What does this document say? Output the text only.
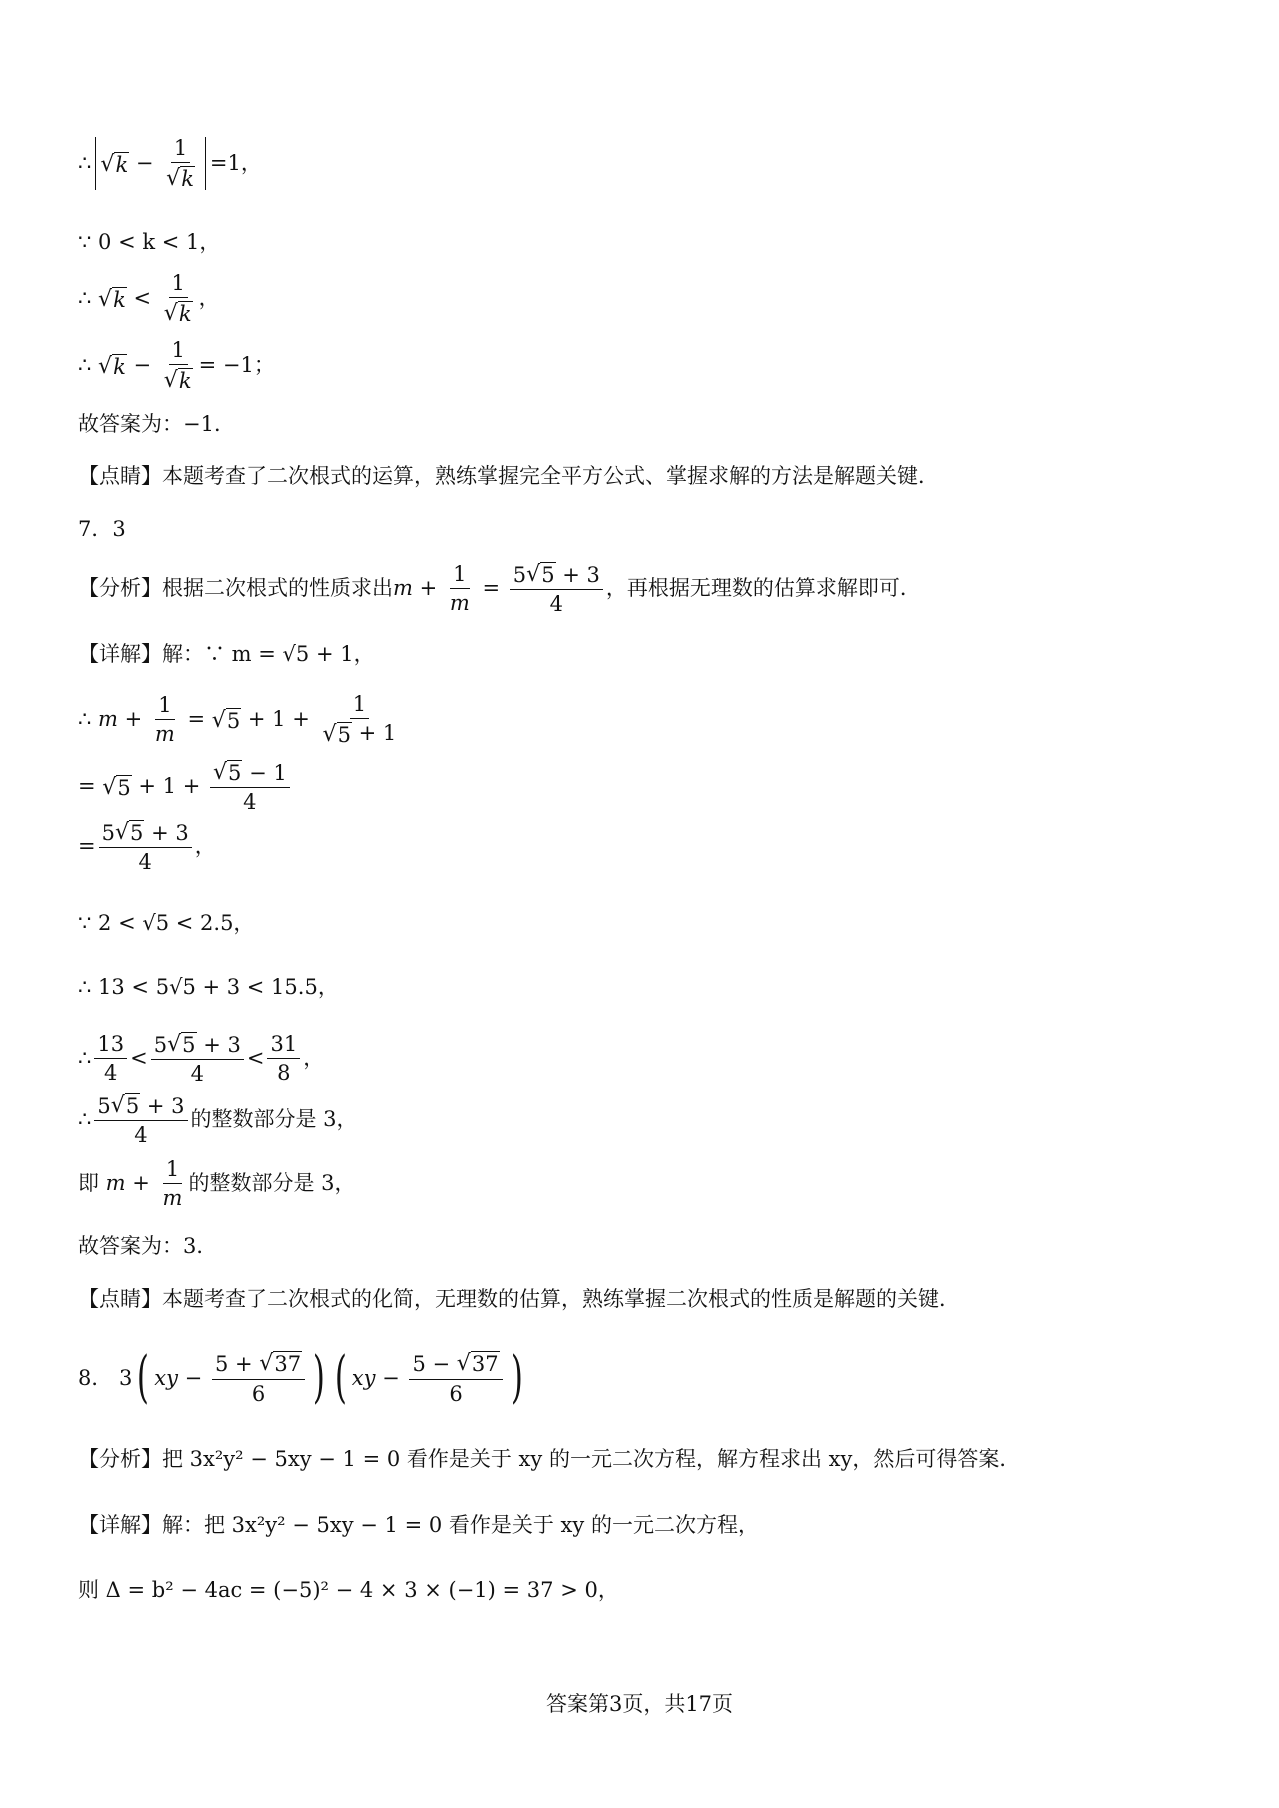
∴ √ $k - \frac{1}{√ k} =1$，
∵ 0 < k < 1，
∴ √ $k < \frac{1}{√ k}$ ，
∴ √ $k - \frac{1}{√ k} = -1$；
故答案为：−1．
【点睛】本题考查了二次根式的运算，熟练掌握完全平方公式、掌握求解的方法是解题关键．
7．3
【分析】根据二次根式的性质求出 $m + \frac{1}{m} = \frac{5 √ 5 + 3}{4}$ ，再根据无理数的估算求解即可．
【详解】解：∵ m = √5 + 1，
∴ $m + \frac{1}{m}$ = √ $5 + 1 + \frac{1}{√ 5 + 1}$
= √ $5 + 1 + \frac{√ 5 - 1}{4}$
= $\frac{5 √ 5 + 3}{4}$ ，
∵ 2 < √5 < 2.5，
∴ 13 < 5√5 + 3 < 15.5，
∴ $\frac{13}{4} < \frac{5 √ 5 + 3}{4} < \frac{31}{8}$ ，
∴ $\frac{5 √ 5 + 3}{4}$ 的整数部分是 3，
即 $m + \frac{1}{m}$ 的整数部分是 3，
故答案为：3．
【点睛】本题考查了二次根式的化简，无理数的估算，熟练掌握二次根式的性质是解题的关键．
8． 3 ( xy − $\frac{5 + √ 37}{6}$ ) ( xy − $\frac{5 - √ 37}{6}$ )
【分析】把 3x²y² − 5xy − 1 = 0 看作是关于 xy 的一元二次方程，解方程求出 xy，然后可得答案．
【详解】解：把 3x²y² − 5xy − 1 = 0 看作是关于 xy 的一元二次方程，
则 Δ = b² − 4ac = (−5)² − 4 × 3 × (−1) = 37 > 0，
答案第3页，共17页
